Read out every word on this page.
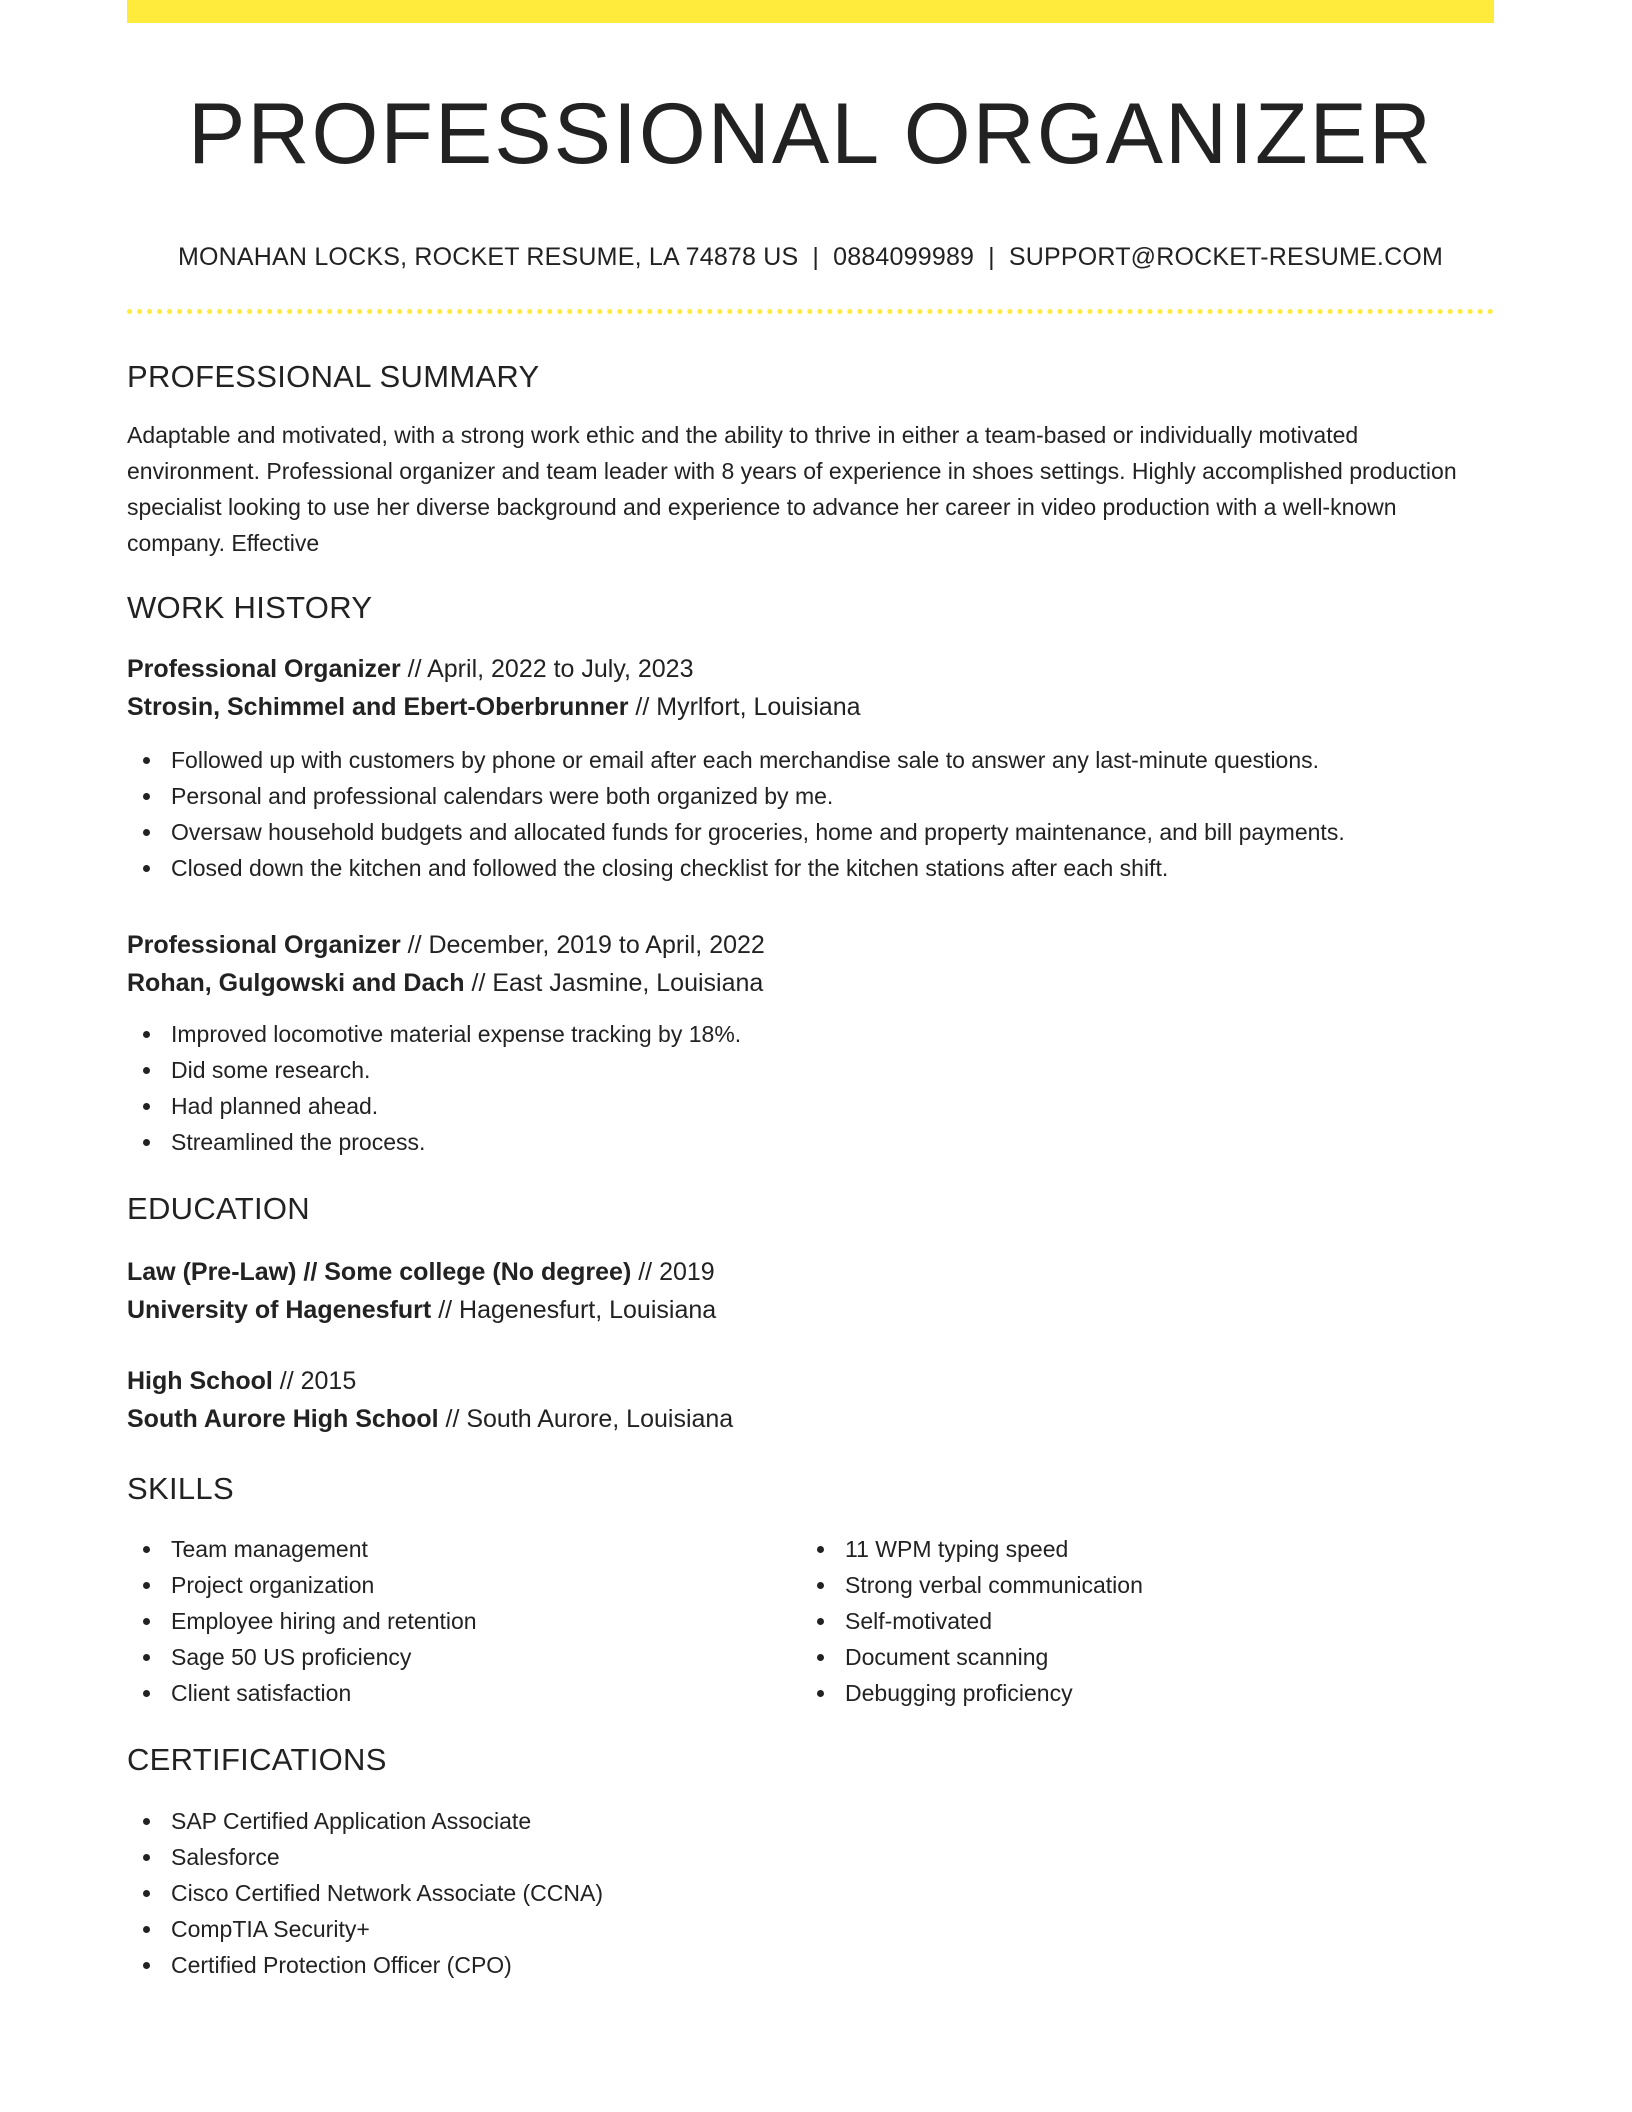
PROFESSIONAL ORGANIZER
MONAHAN LOCKS, ROCKET RESUME, LA 74878 US | 0884099989 | SUPPORT@ROCKET-RESUME.COM
PROFESSIONAL SUMMARY

Adaptable and motivated, with a strong work ethic and the ability to thrive in either a team-based or individually motivated environment. Professional organizer and team leader with 8 years of experience in shoes settings. Highly accomplished production specialist looking to use her diverse background and experience to advance her career in video production with a well-known company. Effective

WORK HISTORY
Professional Organizer // April, 2022 to July, 2023
Strosin, Schimmel and Ebert-Oberbrunner // Myrlfort, Louisiana
Followed up with customers by phone or email after each merchandise sale to answer any last-minute questions.
Personal and professional calendars were both organized by me.
Oversaw household budgets and allocated funds for groceries, home and property maintenance, and bill payments.
Closed down the kitchen and followed the closing checklist for the kitchen stations after each shift.
Professional Organizer // December, 2019 to April, 2022
Rohan, Gulgowski and Dach // East Jasmine, Louisiana
Improved locomotive material expense tracking by 18%.
Did some research.
Had planned ahead.
Streamlined the process.
EDUCATION
Law (Pre-Law) // Some college (No degree) // 2019
University of Hagenesfurt // Hagenesfurt, Louisiana
High School // 2015
South Aurore High School // South Aurore, Louisiana
SKILLS
Team management
Project organization
Employee hiring and retention
Sage 50 US proficiency
Client satisfaction
11 WPM typing speed
Strong verbal communication
Self-motivated
Document scanning
Debugging proficiency
CERTIFICATIONS
SAP Certified Application Associate
Salesforce
Cisco Certified Network Associate (CCNA)
CompTIA Security+
Certified Protection Officer (CPO)
